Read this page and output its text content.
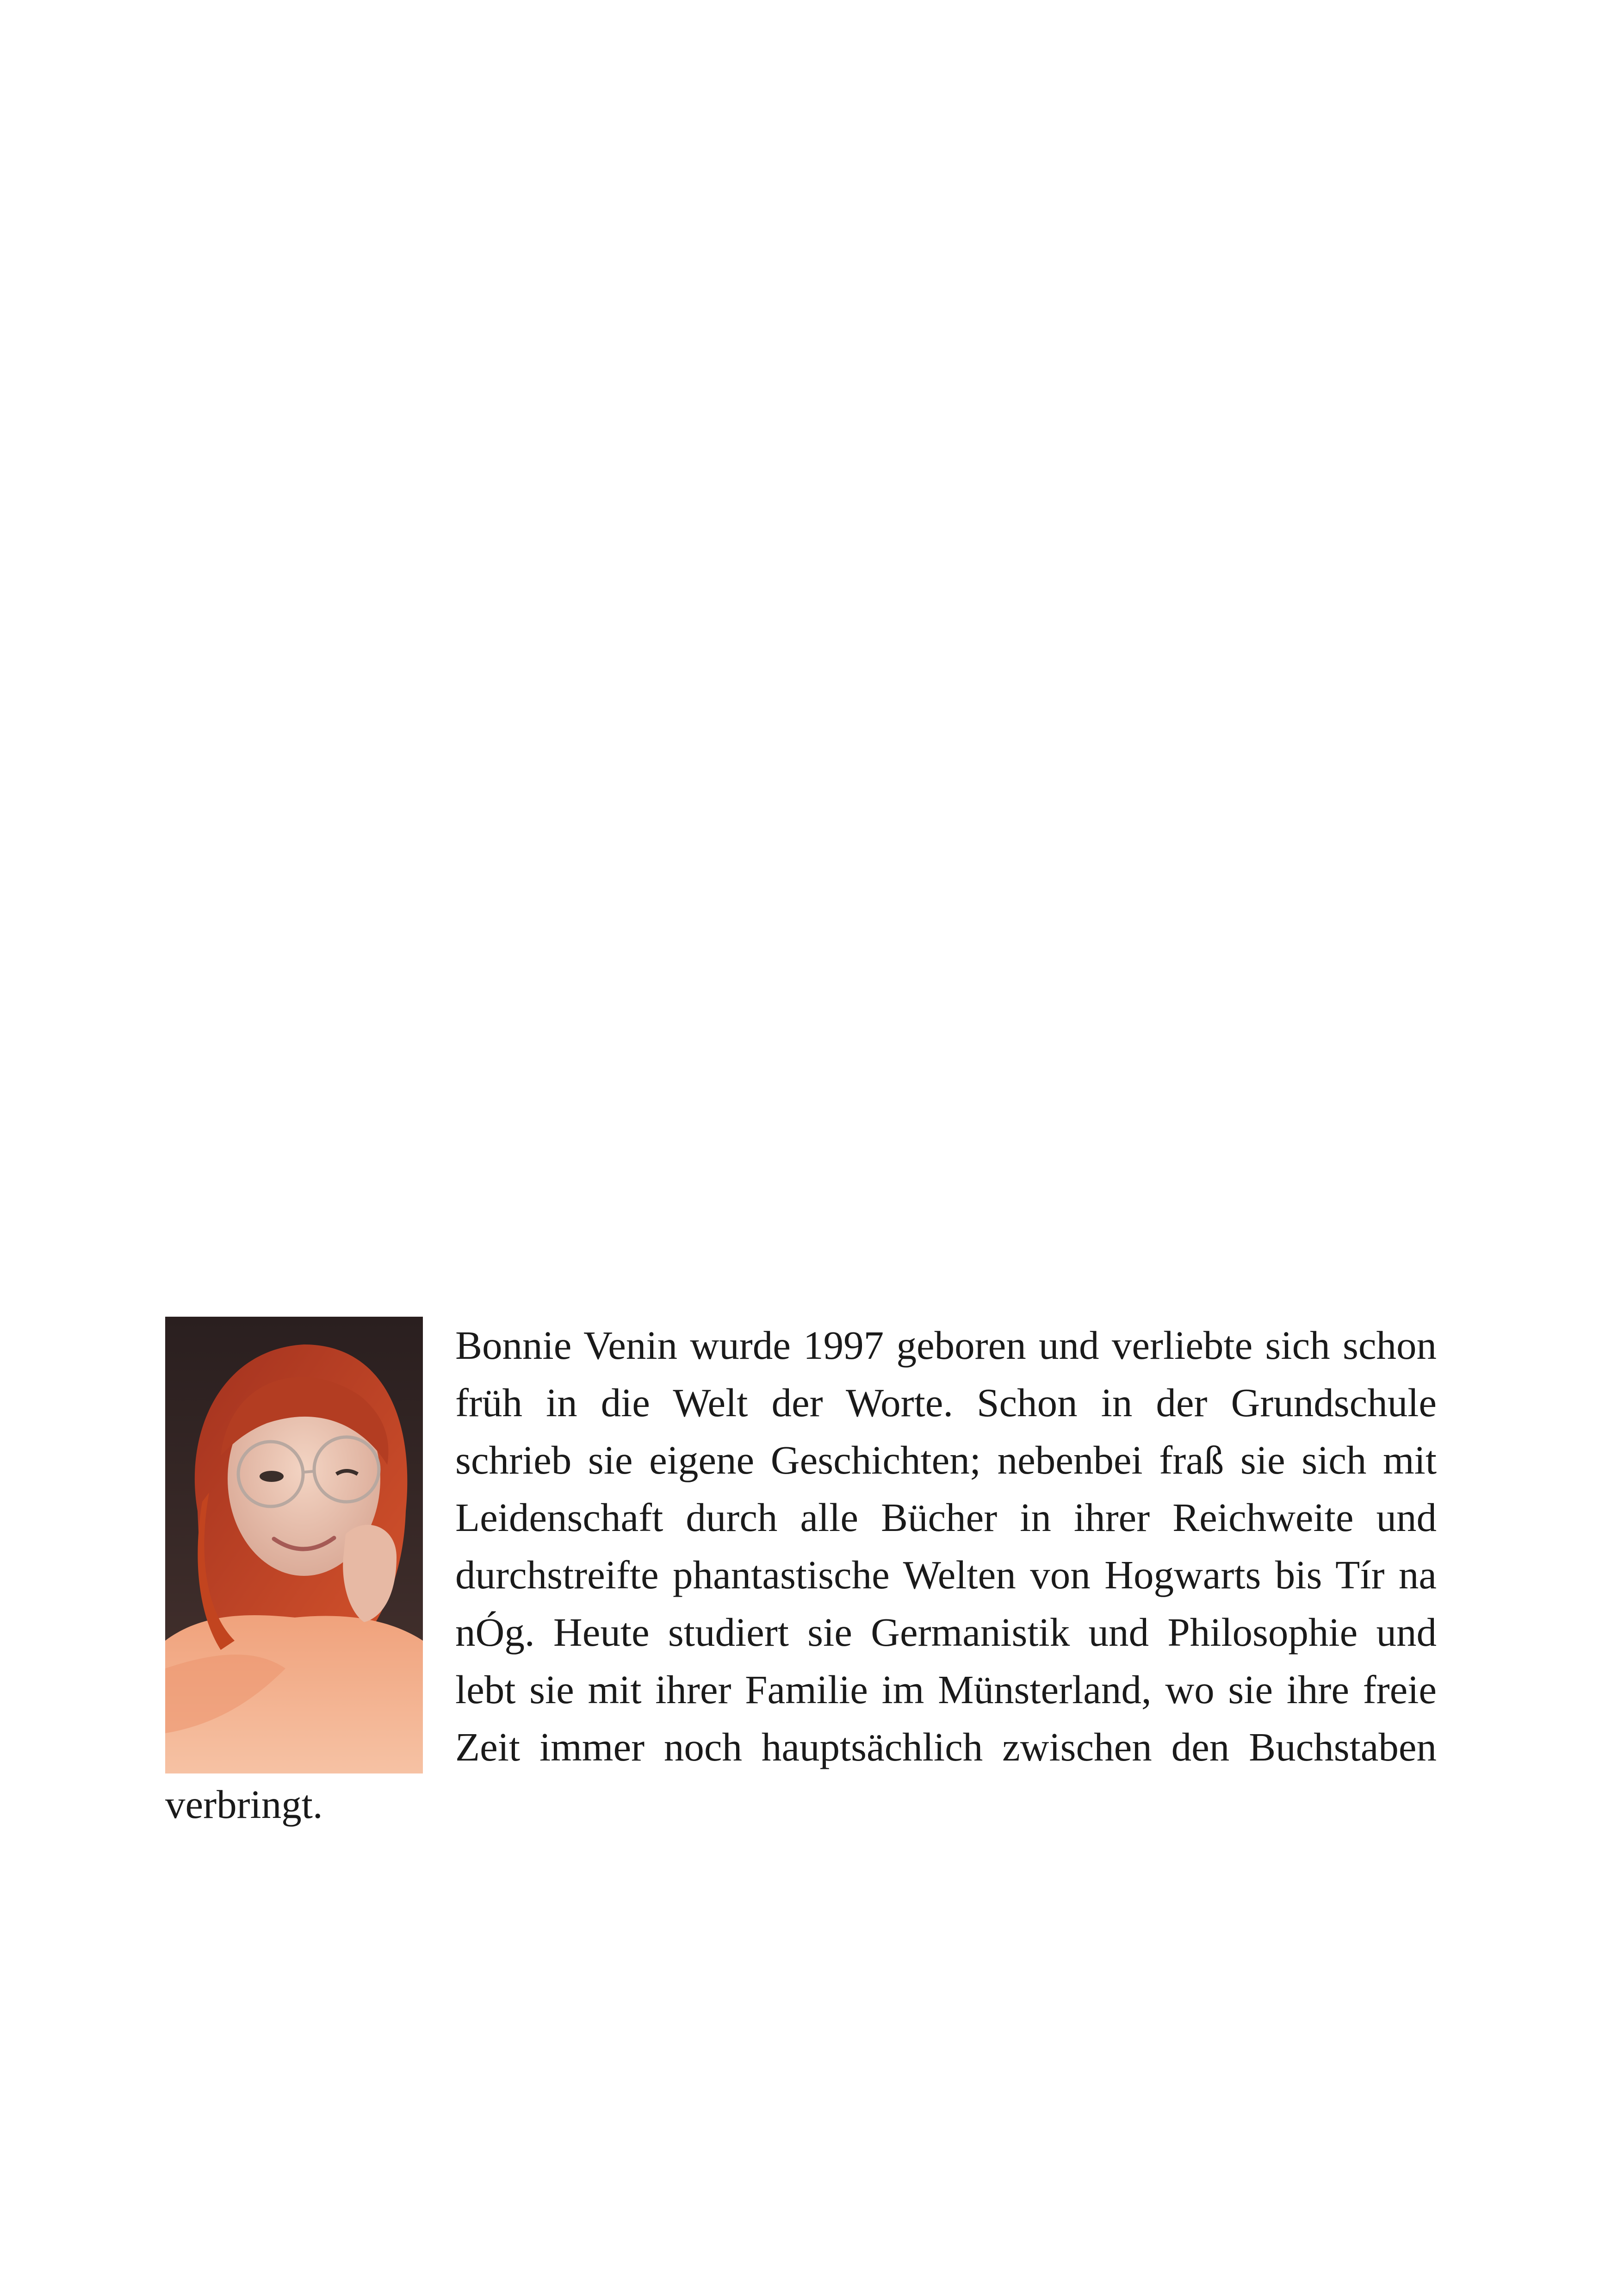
Bonnie Venin wurde 1997 geboren und verliebte sich schon früh in die Welt der Worte. Schon in der Grundschule schrieb sie eigene Geschichten; nebenbei fraß sie sich mit Leidenschaft durch alle Bücher in ihrer Reichweite und durchstreifte phantastische Welten von Hogwarts bis Tír na nÓg. Heute studiert sie Germanistik und Philosophie und lebt sie mit ihrer Familie im Münsterland, wo sie ihre freie Zeit immer noch hauptsächlich zwischen den Buchstaben verbringt.
